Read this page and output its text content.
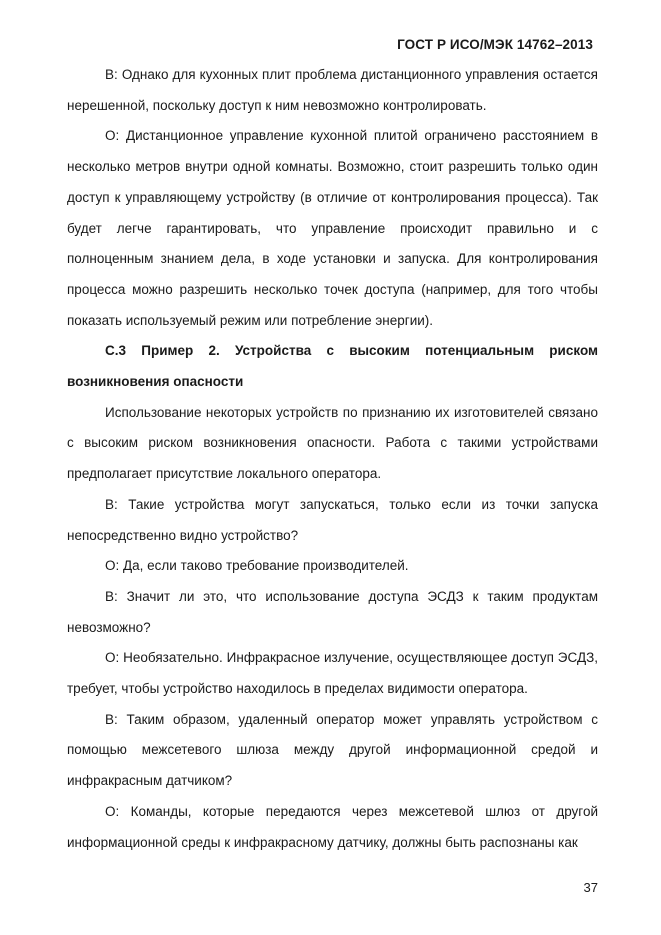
ГОСТ Р ИСО/МЭК 14762–2013

В: Однако для кухонных плит проблема дистанционного управления остается нерешенной, поскольку доступ к ним невозможно контролировать.

О: Дистанционное управление кухонной плитой ограничено расстоянием в несколько метров внутри одной комнаты. Возможно, стоит разрешить только один доступ к управляющему устройству (в отличие от контролирования процесса). Так будет легче гарантировать, что управление происходит правильно и с полноценным знанием дела, в ходе установки и запуска. Для контролирования процесса можно разрешить несколько точек доступа (например, для того чтобы показать используемый режим или потребление энергии).

С.3 Пример 2. Устройства с высоким потенциальным риском возникновения опасности

Использование некоторых устройств по признанию их изготовителей связано с высоким риском возникновения опасности. Работа с такими устройствами предполагает присутствие локального оператора.

В: Такие устройства могут запускаться, только если из точки запуска непосредственно видно устройство?

О: Да, если таково требование производителей.

В: Значит ли это, что использование доступа ЭСДЗ к таким продуктам невозможно?

О: Необязательно. Инфракрасное излучение, осуществляющее доступ ЭСДЗ, требует, чтобы устройство находилось в пределах видимости оператора.

В: Таким образом, удаленный оператор может управлять устройством с помощью межсетевого шлюза между другой информационной средой и инфракрасным датчиком?

О: Команды, которые передаются через межсетевой шлюз от другой информационной среды к инфракрасному датчику, должны быть распознаны как

37
